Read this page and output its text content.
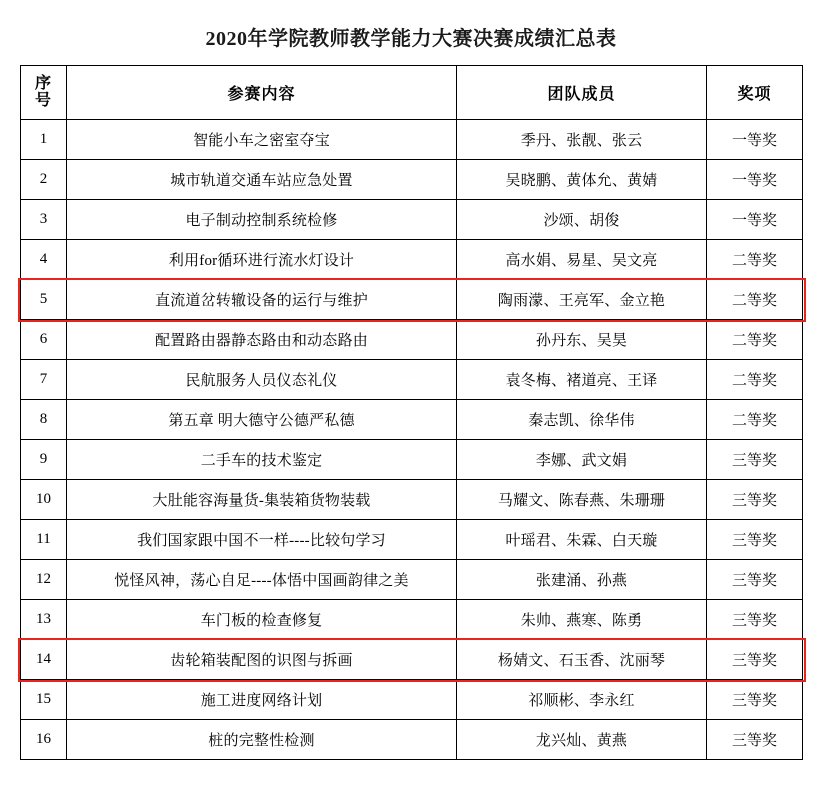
2020年学院教师教学能力大赛决赛成绩汇总表
序
号	参赛内容	团队成员	奖项
1	智能小车之密室夺宝	季丹、张靓、张云	一等奖
2	城市轨道交通车站应急处置	吴晓鹏、黄体允、黄婧	一等奖
3	电子制动控制系统检修	沙颂、胡俊	一等奖
4	利用for循环进行流水灯设计	高水娟、易星、吴文亮	二等奖
5	直流道岔转辙设备的运行与维护	陶雨濛、王亮军、金立艳	二等奖
6	配置路由器静态路由和动态路由	孙丹东、吴昊	二等奖
7	民航服务人员仪态礼仪	袁冬梅、褚道亮、王译	二等奖
8	第五章 明大德守公德严私德	秦志凯、徐华伟	二等奖
9	二手车的技术鉴定	李娜、武文娟	三等奖
10	大肚能容海量货-集装箱货物装载	马耀文、陈春燕、朱珊珊	三等奖
11	我们国家跟中国不一样----比较句学习	叶瑶君、朱霖、白天璇	三等奖
12	悦怪风神，荡心自足----体悟中国画韵律之美	张建涌、孙燕	三等奖
13	车门板的检查修复	朱帅、燕寒、陈勇	三等奖
14	齿轮箱装配图的识图与拆画	杨婧文、石玉香、沈丽琴	三等奖
15	施工进度网络计划	祁顺彬、李永红	三等奖
16	桩的完整性检测	龙兴灿、黄燕	三等奖
